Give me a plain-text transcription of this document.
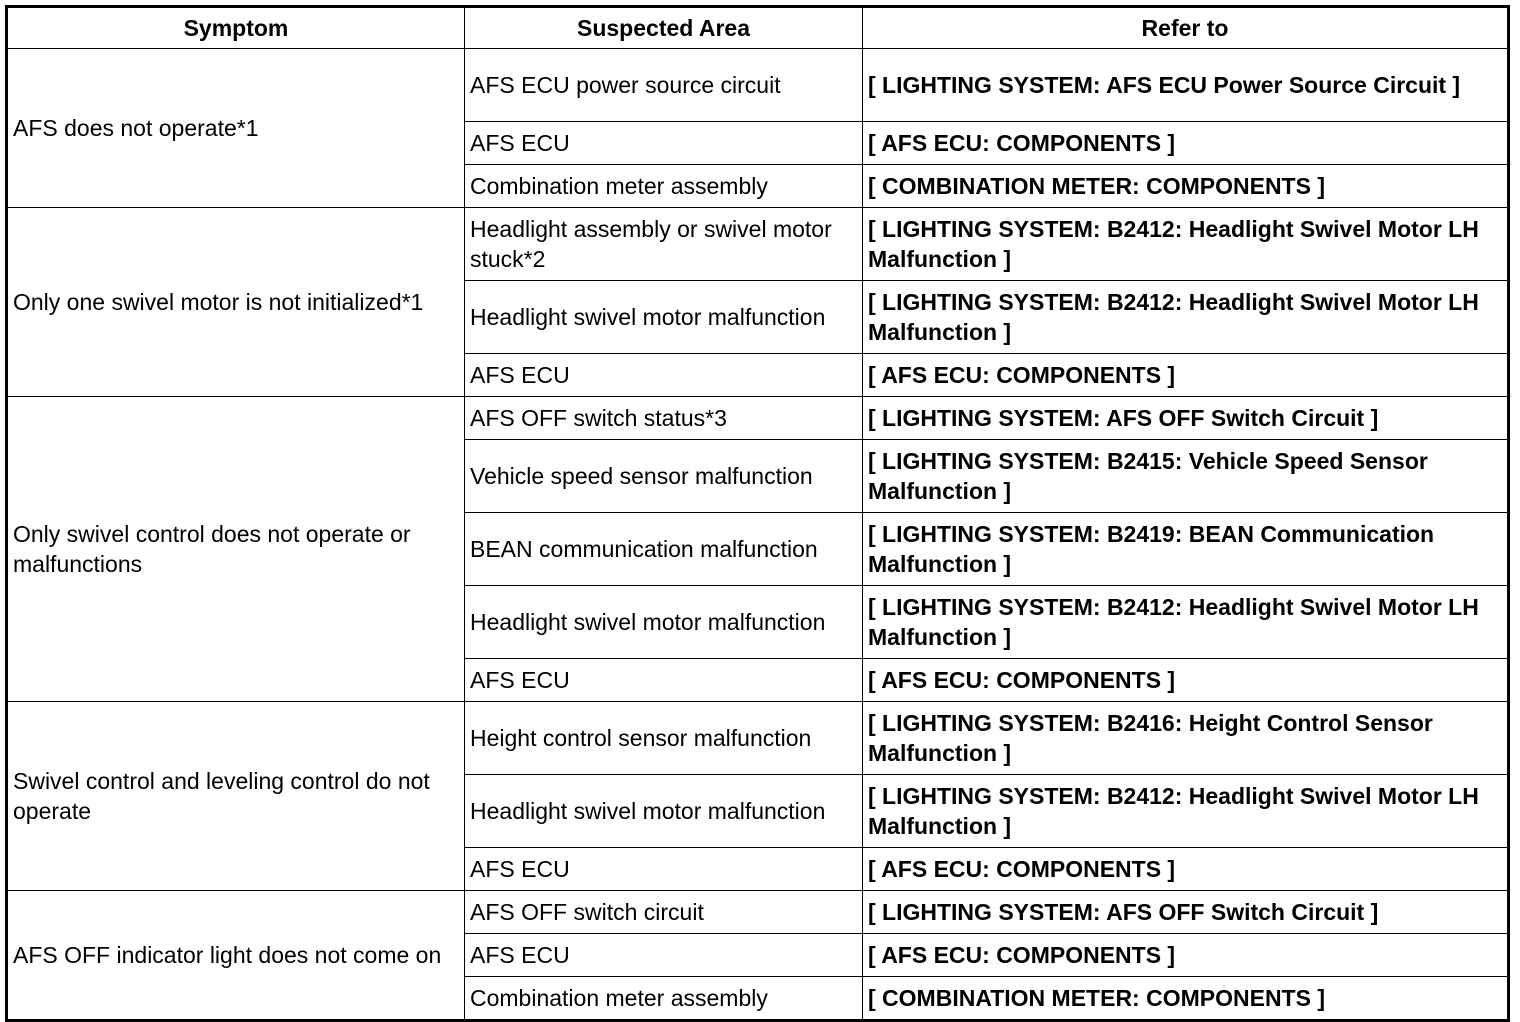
Symptom	Suspected Area	Refer to
AFS does not operate*1	AFS ECU power source circuit	[ LIGHTING SYSTEM: AFS ECU Power Source Circuit ]
	AFS ECU	[ AFS ECU: COMPONENTS ]
	Combination meter assembly	[ COMBINATION METER: COMPONENTS ]
Only one swivel motor is not initialized*1	Headlight assembly or swivel motor stuck*2	[ LIGHTING SYSTEM: B2412: Headlight Swivel Motor LH Malfunction ]
	Headlight swivel motor malfunction	[ LIGHTING SYSTEM: B2412: Headlight Swivel Motor LH Malfunction ]
	AFS ECU	[ AFS ECU: COMPONENTS ]
Only swivel control does not operate or malfunctions	AFS OFF switch status*3	[ LIGHTING SYSTEM: AFS OFF Switch Circuit ]
	Vehicle speed sensor malfunction	[ LIGHTING SYSTEM: B2415: Vehicle Speed Sensor Malfunction ]
	BEAN communication malfunction	[ LIGHTING SYSTEM: B2419: BEAN Communication Malfunction ]
	Headlight swivel motor malfunction	[ LIGHTING SYSTEM: B2412: Headlight Swivel Motor LH Malfunction ]
	AFS ECU	[ AFS ECU: COMPONENTS ]
Swivel control and leveling control do not operate	Height control sensor malfunction	[ LIGHTING SYSTEM: B2416: Height Control Sensor Malfunction ]
	Headlight swivel motor malfunction	[ LIGHTING SYSTEM: B2412: Headlight Swivel Motor LH Malfunction ]
	AFS ECU	[ AFS ECU: COMPONENTS ]
AFS OFF indicator light does not come on	AFS OFF switch circuit	[ LIGHTING SYSTEM: AFS OFF Switch Circuit ]
	AFS ECU	[ AFS ECU: COMPONENTS ]
	Combination meter assembly	[ COMBINATION METER: COMPONENTS ]
